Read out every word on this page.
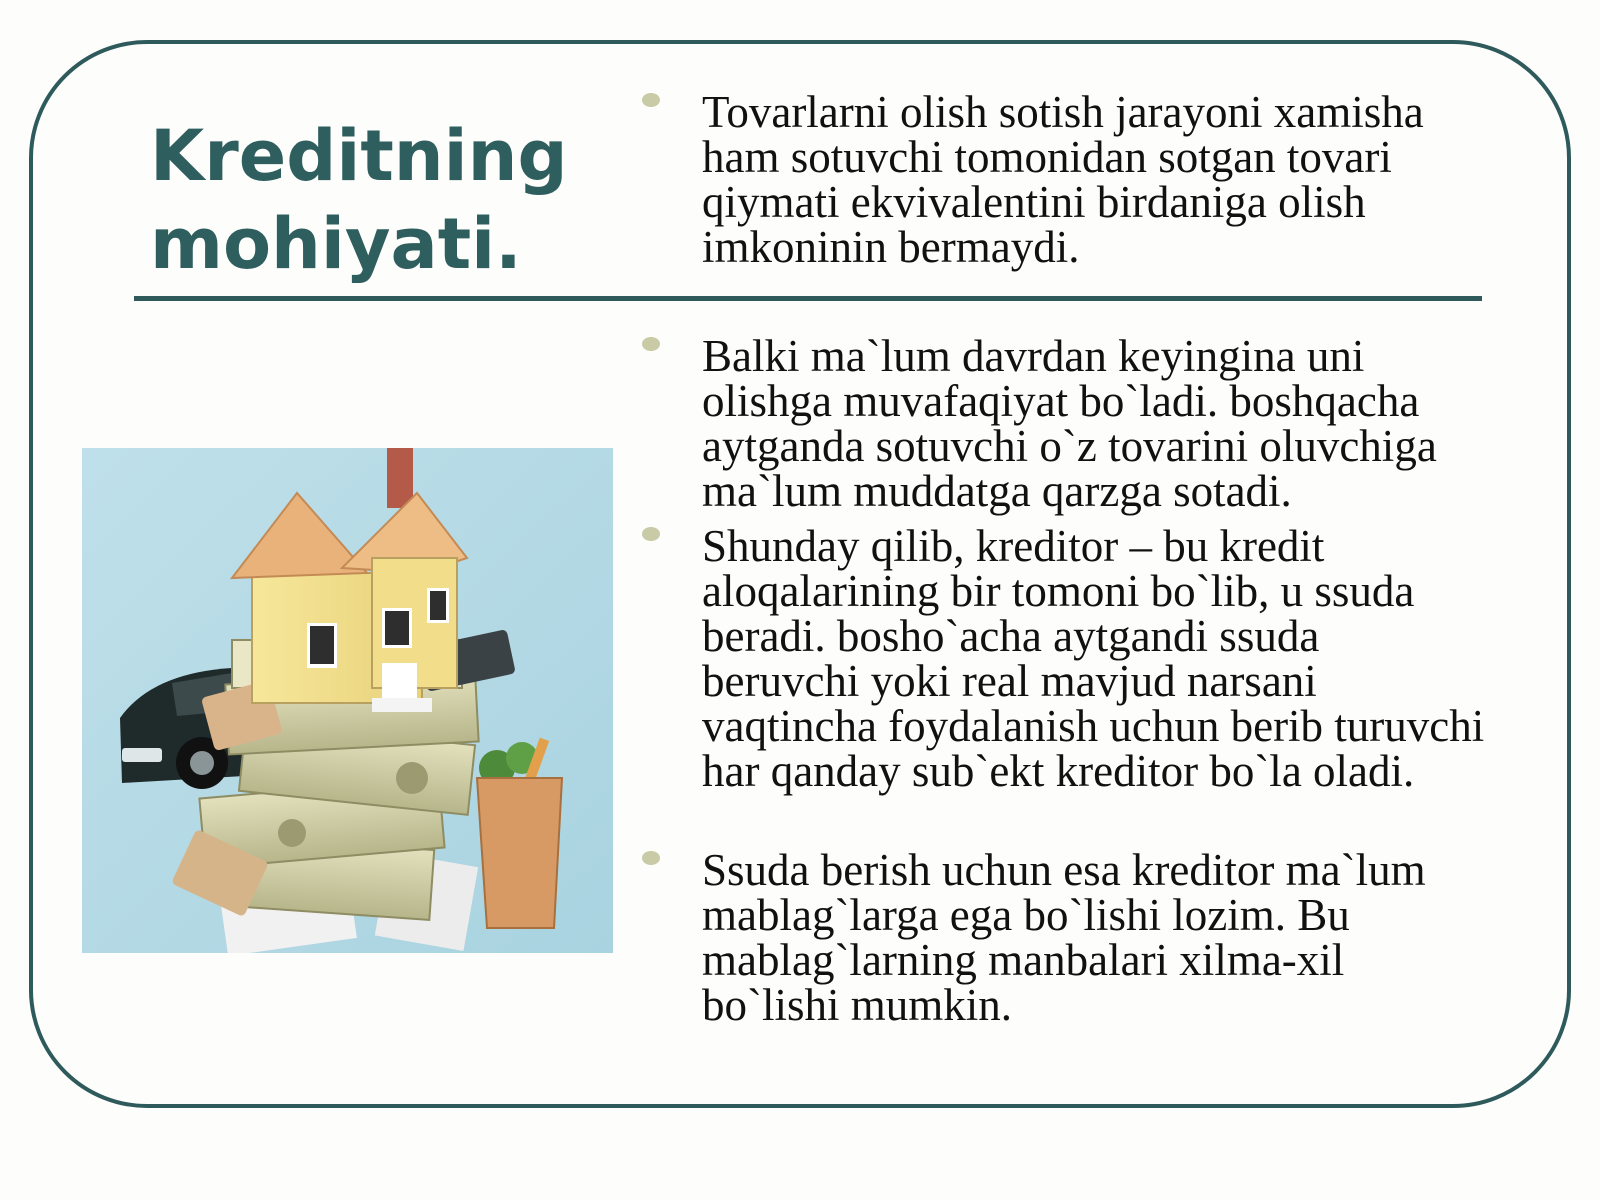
Kreditning
mohiyati.
Tovarlarni olish sotish jarayoni xamisha ham sotuvchi tomonidan sotgan tovari qiymati ekvivalentini birdaniga olish imkoninin bermaydi.
Balki ma`lum davrdan keyingina uni olishga muvafaqiyat bo`ladi. boshqacha aytganda sotuvchi o`z tovarini oluvchiga ma`lum muddatga qarzga sotadi.
Shunday qilib, kreditor – bu kredit aloqalarining bir tomoni bo`lib, u ssuda beradi. bosho`acha aytgandi ssuda beruvchi yoki real mavjud narsani vaqtincha foydalanish uchun berib turuvchi har qanday sub`ekt kreditor bo`la oladi.
Ssuda berish uchun esa kreditor ma`lum mablag`larga ega bo`lishi lozim. Bu mablag`larning manbalari xilma-xil bo`lishi mumkin.
